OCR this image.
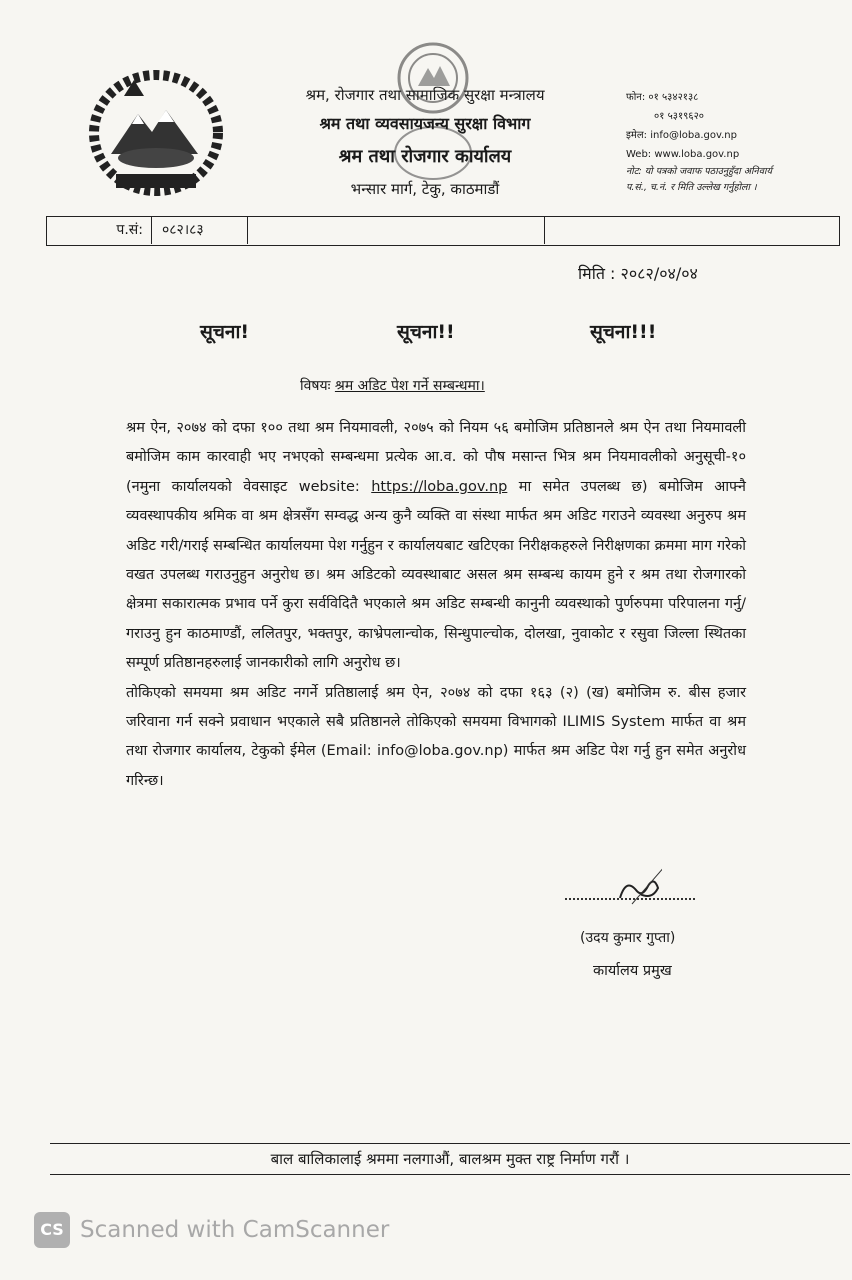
श्रम, रोजगार तथा सामाजिक सुरक्षा मन्त्रालय
श्रम तथा व्यवसायजन्य सुरक्षा विभाग
श्रम तथा रोजगार कार्यालय
भन्सार मार्ग, टेकु, काठमाडौं
फोन: ०१ ५३४२१३८
०१ ५३१९६२०
इमेल: info@loba.gov.np
Web: www.loba.gov.np
नोट: यो पत्रको जवाफ पठाउनुहुँदा अनिवार्य
प.सं., च.नं. र मिति उल्लेख गर्नुहोला ।
प.सं:	०८२।८३
मिति : २०८२/०४/०४
सूचना!	सूचना!!	सूचना!!!
विषयः श्रम अडिट पेश गर्ने सम्बन्धमा।
श्रम ऐन, २०७४ को दफा १०० तथा श्रम नियमावली, २०७५ को नियम ५६ बमोजिम प्रतिष्ठानले श्रम ऐन तथा नियमावली बमोजिम काम कारवाही भए नभएको सम्बन्धमा प्रत्येक आ.व. को पौष मसान्त भित्र श्रम नियमावलीको अनुसूची-१० (नमुना कार्यालयको वेवसाइट website: https://loba.gov.np मा समेत उपलब्ध छ) बमोजिम आफ्नै व्यवस्थापकीय श्रमिक वा श्रम क्षेत्रसँग सम्वद्ध अन्य कुनै व्यक्ति वा संस्था मार्फत श्रम अडिट गराउने व्यवस्था अनुरुप श्रम अडिट गरी/गराई सम्बन्धित कार्यालयमा पेश गर्नुहुन र कार्यालयबाट खटिएका निरीक्षकहरुले निरीक्षणका क्रममा माग गरेको वखत उपलब्ध गराउनुहुन अनुरोध छ। श्रम अडिटको व्यवस्थाबाट असल श्रम सम्बन्ध कायम हुने र श्रम तथा रोजगारको क्षेत्रमा सकारात्मक प्रभाव पर्ने कुरा सर्वविदितै भएकाले श्रम अडिट सम्बन्धी कानुनी व्यवस्थाको पुर्णरुपमा परिपालना गर्नु/गराउनु हुन काठमाण्डौं, ललितपुर, भक्तपुर, काभ्रेपलान्चोक, सिन्धुपाल्चोक, दोलखा, नुवाकोट र रसुवा जिल्ला स्थितका सम्पूर्ण प्रतिष्ठानहरुलाई जानकारीको लागि अनुरोध छ।
तोकिएको समयमा श्रम अडिट नगर्ने प्रतिष्ठालाई श्रम ऐन, २०७४ को दफा १६३ (२) (ख) बमोजिम रु. बीस हजार जरिवाना गर्न सक्ने प्रवाधान भएकाले सबै प्रतिष्ठानले तोकिएको समयमा विभागको ILIMIS System मार्फत वा श्रम तथा रोजगार कार्यालय, टेकुको ईमेल (Email: info@loba.gov.np) मार्फत श्रम अडिट पेश गर्नु हुन समेत अनुरोध गरिन्छ।
(उदय कुमार गुप्ता)
कार्यालय प्रमुख
बाल बालिकालाई श्रममा नलगाऔं, बालश्रम मुक्त राष्ट्र निर्माण गरौं ।
CS Scanned with CamScanner
